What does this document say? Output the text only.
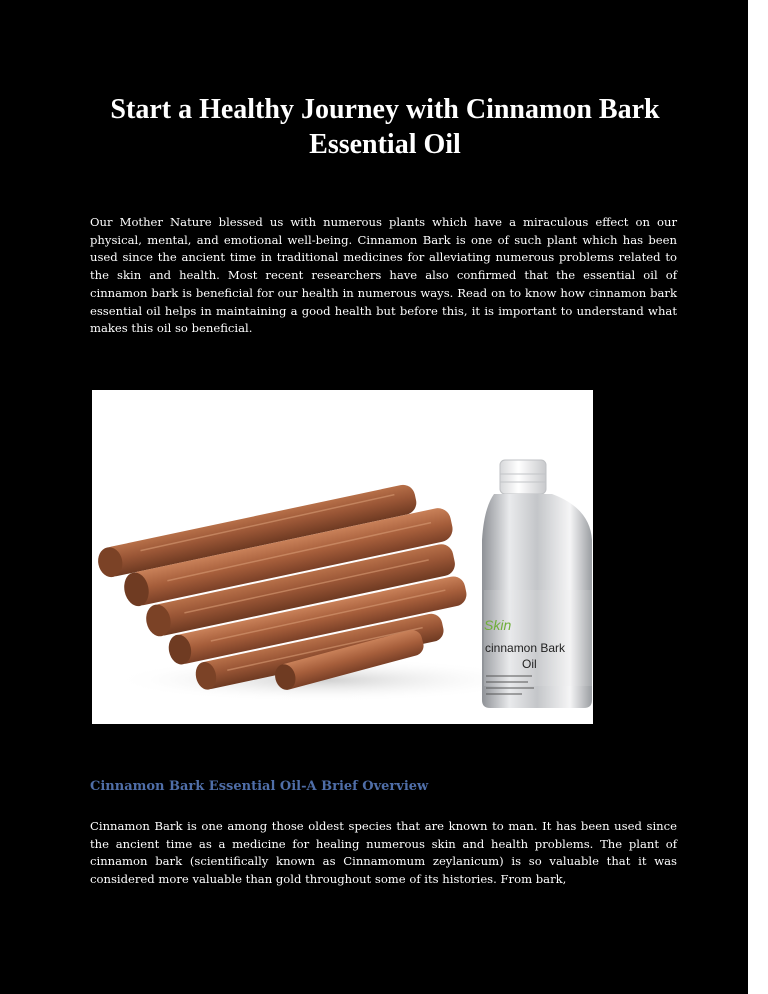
Start a Healthy Journey with Cinnamon Bark Essential Oil

Our Mother Nature blessed us with numerous plants which have a miraculous effect on our physical, mental, and emotional well-being. Cinnamon Bark is one of such plant which has been used since the ancient time in traditional medicines for alleviating numerous problems related to the skin and health. Most recent researchers have also confirmed that the essential oil of cinnamon bark is beneficial for our health in numerous ways. Read on to know how cinnamon bark essential oil helps in maintaining a good health but before this, it is important to understand what makes this oil so beneficial.

Skin
cinnamon Bark
Oil
Cinnamon Bark Essential Oil-A Brief Overview

Cinnamon Bark is one among those oldest species that are known to man. It has been used since the ancient time as a medicine for healing numerous skin and health problems. The plant of cinnamon bark (scientifically known as Cinnamomum zeylanicum) is so valuable that it was considered more valuable than gold throughout some of its histories. From bark,
